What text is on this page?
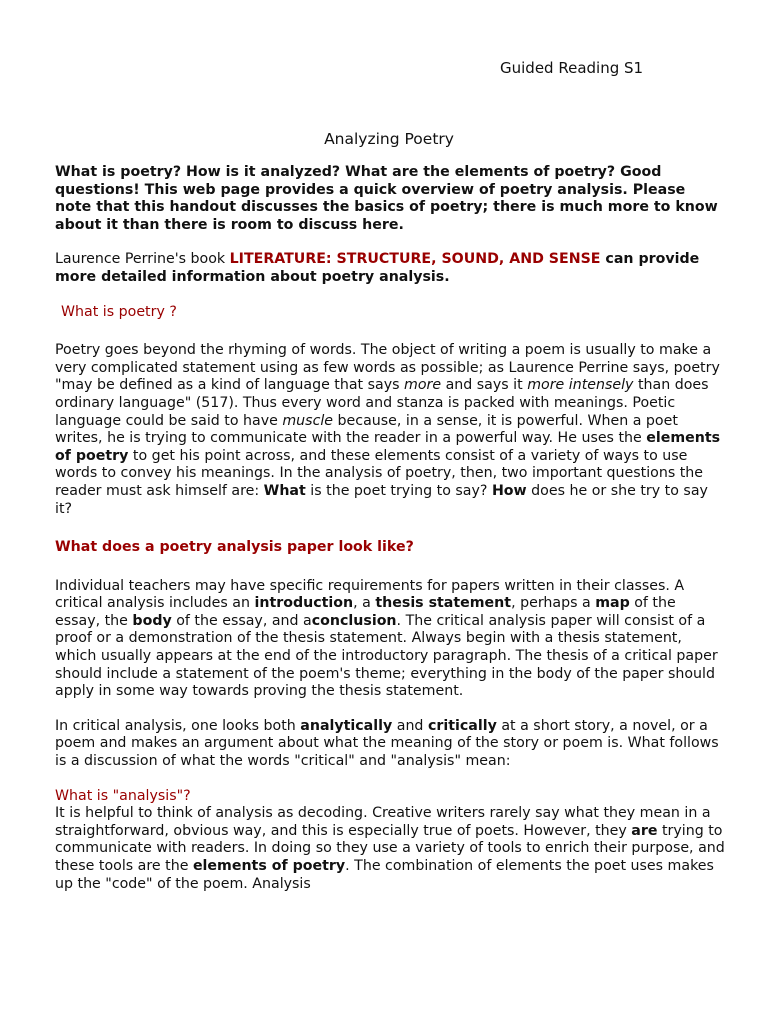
Guided Reading S1
Analyzing Poetry

What is poetry? How is it analyzed? What are the elements of poetry? Good questions! This web page provides a quick overview of poetry analysis. Please note that this handout discusses the basics of poetry; there is much more to know about it than there is room to discuss here.

Laurence Perrine's book LITERATURE: STRUCTURE, SOUND, AND SENSE can provide more detailed information about poetry analysis.

What is poetry ?

Poetry goes beyond the rhyming of words. The object of writing a poem is usually to make a very complicated statement using as few words as possible; as Laurence Perrine says, poetry "may be defined as a kind of language that says more and says it more intensely than does ordinary language" (517). Thus every word and stanza is packed with meanings. Poetic language could be said to have muscle because, in a sense, it is powerful. When a poet writes, he is trying to communicate with the reader in a powerful way. He uses the elements of poetry to get his point across, and these elements consist of a variety of ways to use words to convey his meanings. In the analysis of poetry, then, two important questions the reader must ask himself are: What is the poet trying to say? How does he or she try to say it?

What does a poetry analysis paper look like?

Individual teachers may have specific requirements for papers written in their classes. A critical analysis includes an introduction, a thesis statement, perhaps a map of the essay, the body of the essay, and aconclusion. The critical analysis paper will consist of a proof or a demonstration of the thesis statement. Always begin with a thesis statement, which usually appears at the end of the introductory paragraph. The thesis of a critical paper should include a statement of the poem's theme; everything in the body of the paper should apply in some way towards proving the thesis statement.

In critical analysis, one looks both analytically and critically at a short story, a novel, or a poem and makes an argument about what the meaning of the story or poem is. What follows is a discussion of what the words "critical" and "analysis" mean:

What is "analysis"?

It is helpful to think of analysis as decoding. Creative writers rarely say what they mean in a straightforward, obvious way, and this is especially true of poets. However, they are trying to communicate with readers. In doing so they use a variety of tools to enrich their purpose, and these tools are the elements of poetry. The combination of elements the poet uses makes up the "code" of the poem. Analysis
